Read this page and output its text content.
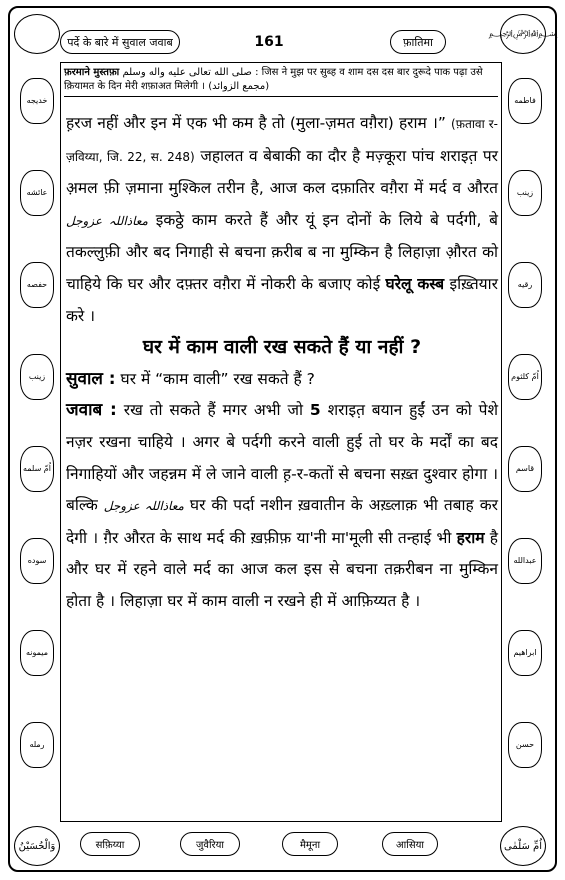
पर्दे के बारे में सुवाल जवाब	161	फ़ातिमा
﷽
خديجه
عائشه
حفصه
زينب
اُمّ سلمه
سوده
ميمونه
رمله
فاطمه
زينب
رقيه
اُمّ كلثوم
قاسم
عبدالله
ابراهيم
حسن
फ़रमाने मुस्तफ़ा صلى الله تعالى عليه واله وسلم : जिस ने मुझ पर सुब्ह व शाम दस दस बार दुरूदे पाक पढ़ा उसे क़ियामत के दिन मेरी शफ़ाअत मिलेगी । (مجمع الزوائد)

ह़रज नहीं और इन में एक भी कम है तो (मुला-ज़मत वग़ैरा) हराम ।” (फ़तावा र-ज़विय्या, जि. 22, स. 248) जहालत व बेबाकी का दौर है मज़्कूरा पांच शराइत़ पर अ़मल फ़ी ज़माना मुश्किल तरीन है, आज कल दफ़ातिर वग़ैरा में मर्द व औरत معاذاللہ عزوجل इकठ्ठे काम करते हैं और यूं इन दोनों के लिये बे पर्दगी, बे तकल्लुफ़ी और बद निगाही से बचना क़रीब ब ना मुम्किन है लिहाज़ा औ़रत को चाहिये कि घर और दफ़्तर वग़ैरा में नोकरी के बजाए कोई घरेलू कस्ब इख़्तियार करे ।

घर में काम वाली रख सकते हैं या नहीं ?

सुवाल : घर में “काम वाली” रख सकते हैं ?

जवाब : रख तो सकते हैं मगर अभी जो 5 शराइत़ बयान हुईं उन को पेशे नज़र रखना चाहिये । अगर बे पर्दगी करने वाली हुई तो घर के मर्दों का बद निगाहियों और जहन्नम में ले जाने वाली ह़-र-कतों से बचना सख़्त दुश्वार होगा । बल्कि معاذاللہ عزوجل घर की पर्दा नशीन ख़वातीन के अख़्लाक़ भी तबाह कर देगी । ग़ैर औरत के साथ मर्द की ख़फ़ीफ़ या'नी मा'मूली सी तन्हाई भी हराम है और घर में रहने वाले मर्द का आज कल इस से बचना तक़रीबन ना मुम्किन होता है । लिहाज़ा घर में काम वाली न रखने ही में आफ़िय्यत है ।

सफ़िय्या	जुवैरिया	मैमूना	आसिया
وَالْحُسَيْنُ	اُمِّ سَلْمٰى
